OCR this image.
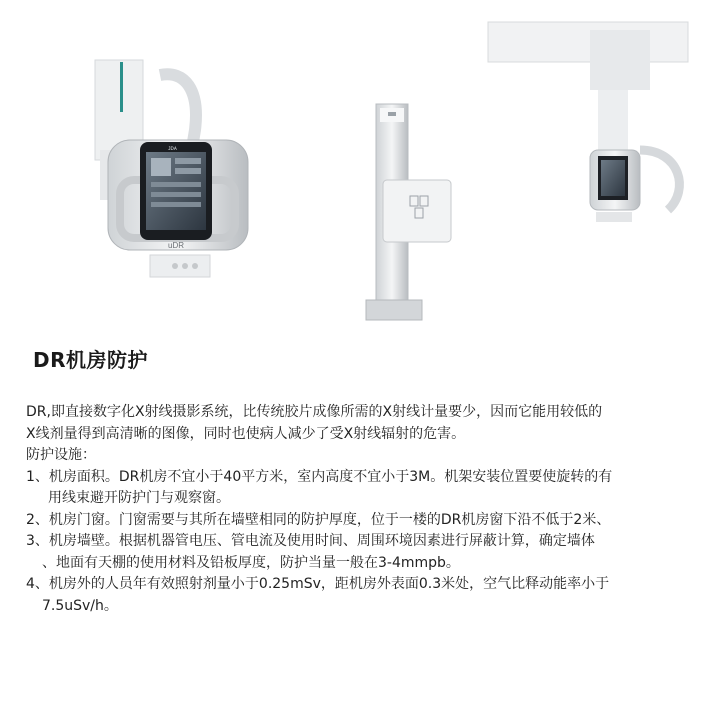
ᴊᴅᴀ
uDR
DR机房防护
DR,即直接数字化X射线摄影系统，比传统胶片成像所需的X射线计量要少，因而它能用较低的
X线剂量得到高清晰的图像，同时也使病人减少了受X射线辐射的危害。
防护设施：
1、机房面积。DR机房不宜小于40平方米，室内高度不宜小于3M。机架安装位置要使旋转的有
用线束避开防护门与观察窗。
2、机房门窗。门窗需要与其所在墙壁相同的防护厚度，位于一楼的DR机房窗下沿不低于2米、
3、机房墙壁。根据机器管电压、管电流及使用时间、周围环境因素进行屏蔽计算，确定墙体
、地面有天棚的使用材料及铅板厚度，防护当量一般在3-4mmpb。
4、机房外的人员年有效照射剂量小于0.25mSv，距机房外表面0.3米处，空气比释动能率小于
7.5uSv/h。
